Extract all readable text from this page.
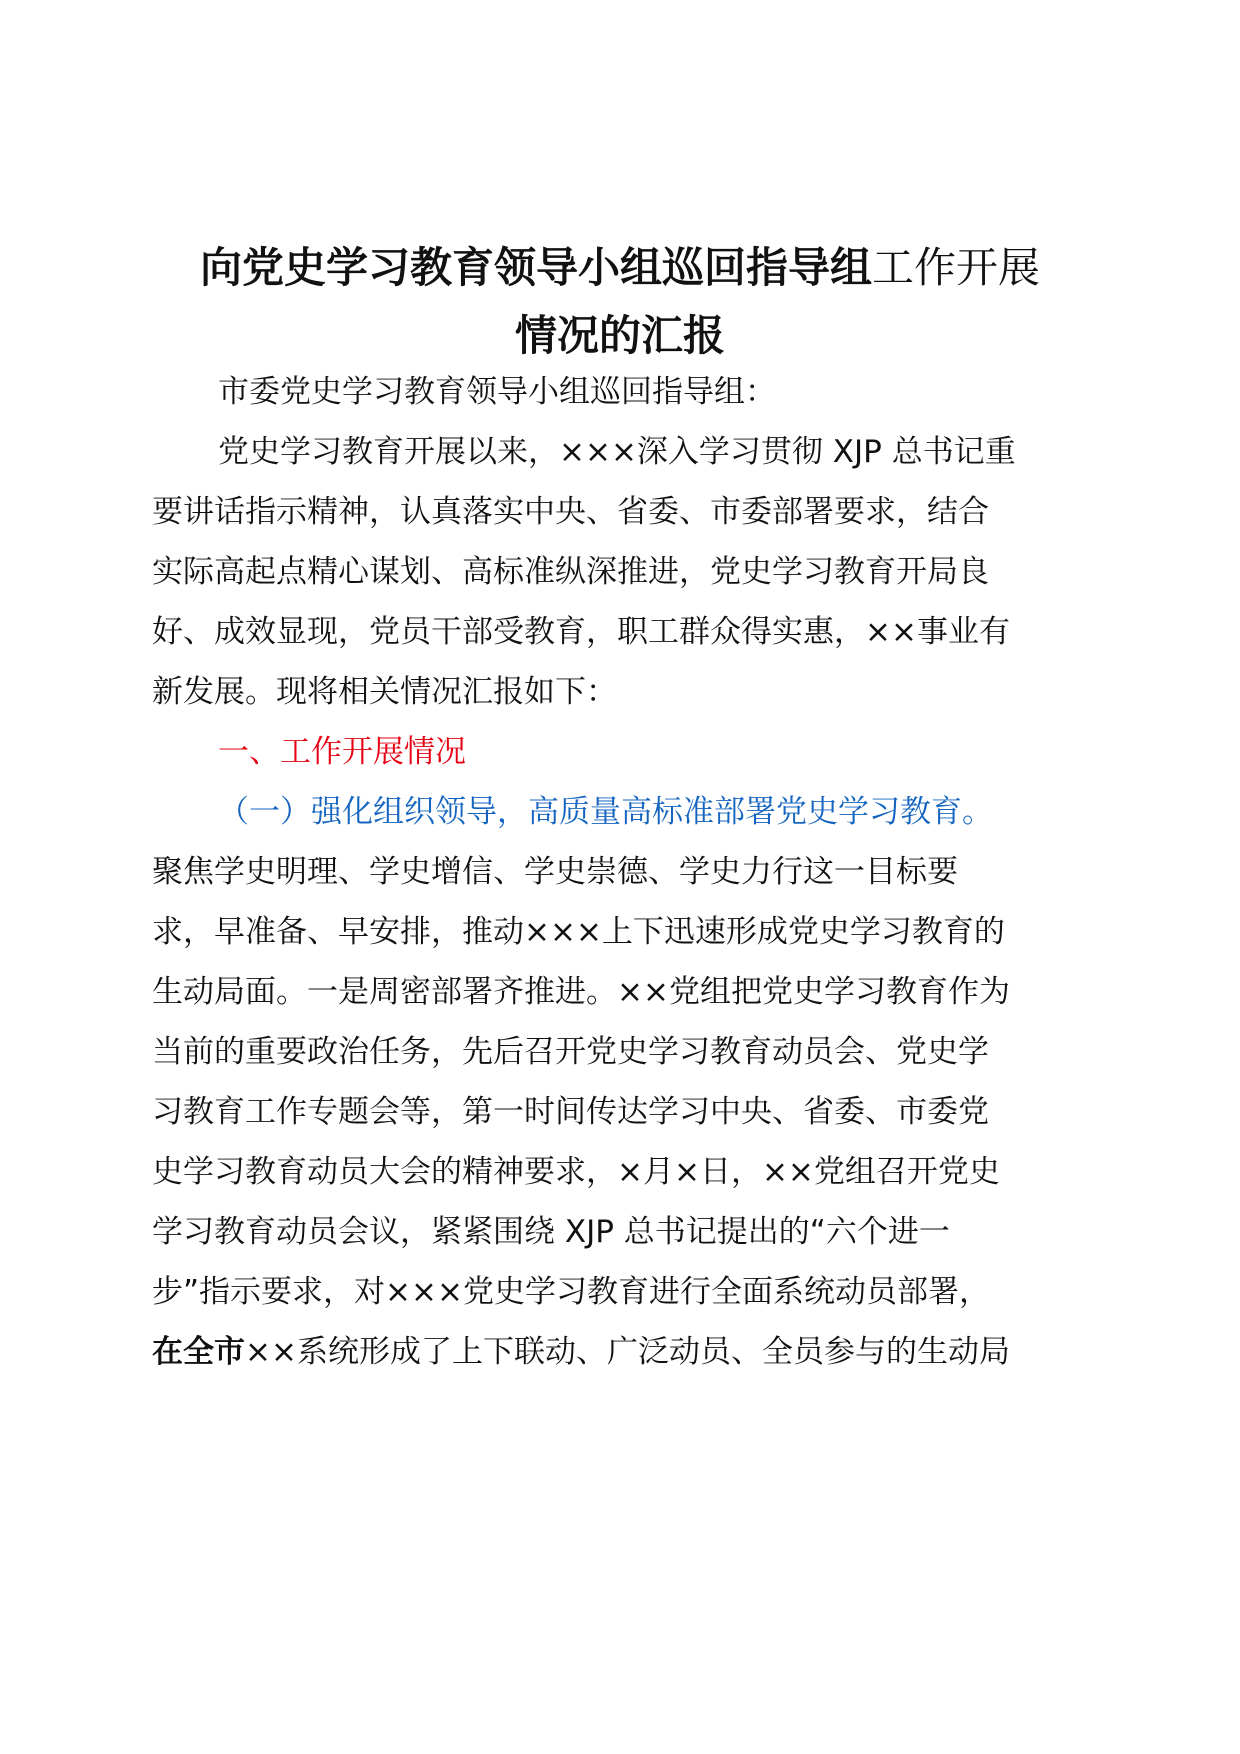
向党史学习教育领导小组巡回指导组工作开展
情况的汇报
市委党史学习教育领导小组巡回指导组：
党史学习教育开展以来，×××深入学习贯彻 XJP 总书记重
要讲话指示精神，认真落实中央、省委、市委部署要求，结合
实际高起点精心谋划、高标准纵深推进，党史学习教育开局良
好、成效显现，党员干部受教育，职工群众得实惠，××事业有
新发展。现将相关情况汇报如下：
一、工作开展情况
（一）强化组织领导，高质量高标准部署党史学习教育。
聚焦学史明理、学史增信、学史崇德、学史力行这一目标要
求，早准备、早安排，推动×××上下迅速形成党史学习教育的
生动局面。一是周密部署齐推进。××党组把党史学习教育作为
当前的重要政治任务，先后召开党史学习教育动员会、党史学
习教育工作专题会等，第一时间传达学习中央、省委、市委党
史学习教育动员大会的精神要求，×月×日，××党组召开党史
学习教育动员会议，紧紧围绕 XJP 总书记提出的“六个进一
步”指示要求，对×××党史学习教育进行全面系统动员部署，
在全市××系统形成了上下联动、广泛动员、全员参与的生动局
